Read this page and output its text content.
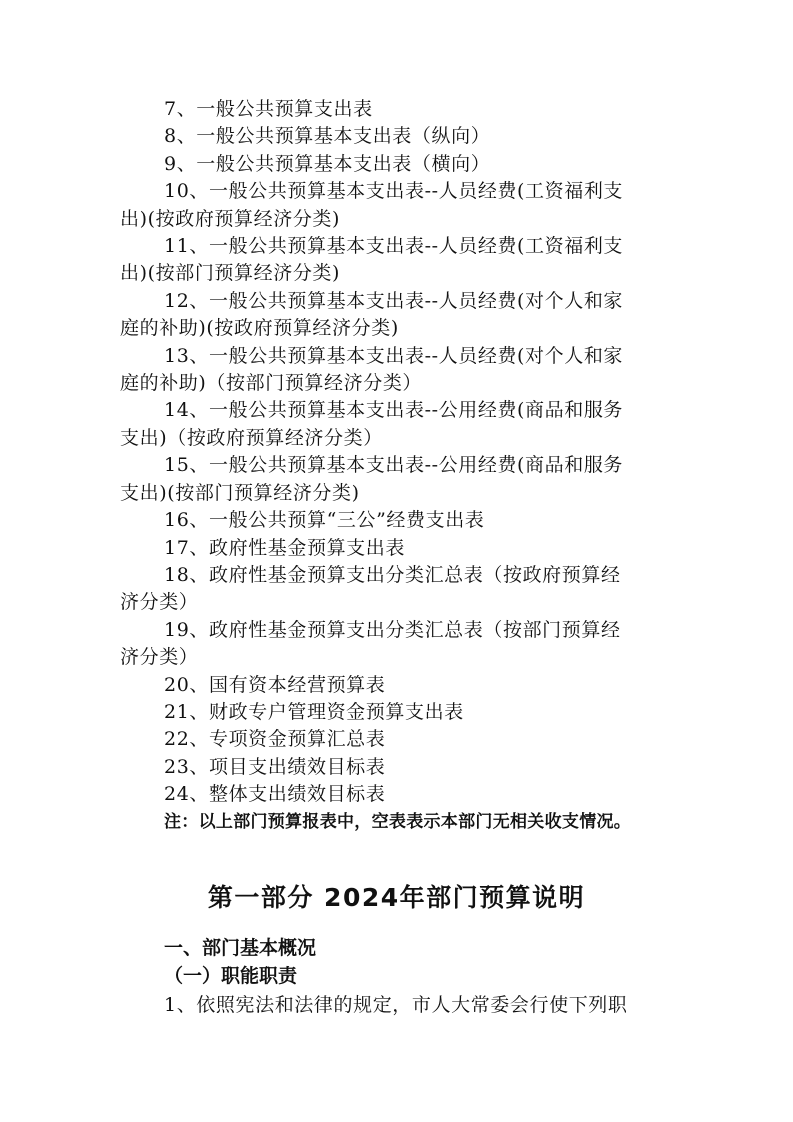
7、一般公共预算支出表
8、一般公共预算基本支出表（纵向）
9、一般公共预算基本支出表（横向）
10、一般公共预算基本支出表--人员经费(工资福利支
出)(按政府预算经济分类)
11、一般公共预算基本支出表--人员经费(工资福利支
出)(按部门预算经济分类)
12、一般公共预算基本支出表--人员经费(对个人和家
庭的补助)(按政府预算经济分类)
13、一般公共预算基本支出表--人员经费(对个人和家
庭的补助)（按部门预算经济分类）
14、一般公共预算基本支出表--公用经费(商品和服务
支出)（按政府预算经济分类）
15、一般公共预算基本支出表--公用经费(商品和服务
支出)(按部门预算经济分类)
16、一般公共预算“三公”经费支出表
17、政府性基金预算支出表
18、政府性基金预算支出分类汇总表（按政府预算经
济分类）
19、政府性基金预算支出分类汇总表（按部门预算经
济分类）
20、国有资本经营预算表
21、财政专户管理资金预算支出表
22、专项资金预算汇总表
23、项目支出绩效目标表
24、整体支出绩效目标表
注：以上部门预算报表中，空表表示本部门无相关收支情况。
第一部分 2024年部门预算说明
一、部门基本概况
（一）职能职责
1、依照宪法和法律的规定，市人大常委会行使下列职
